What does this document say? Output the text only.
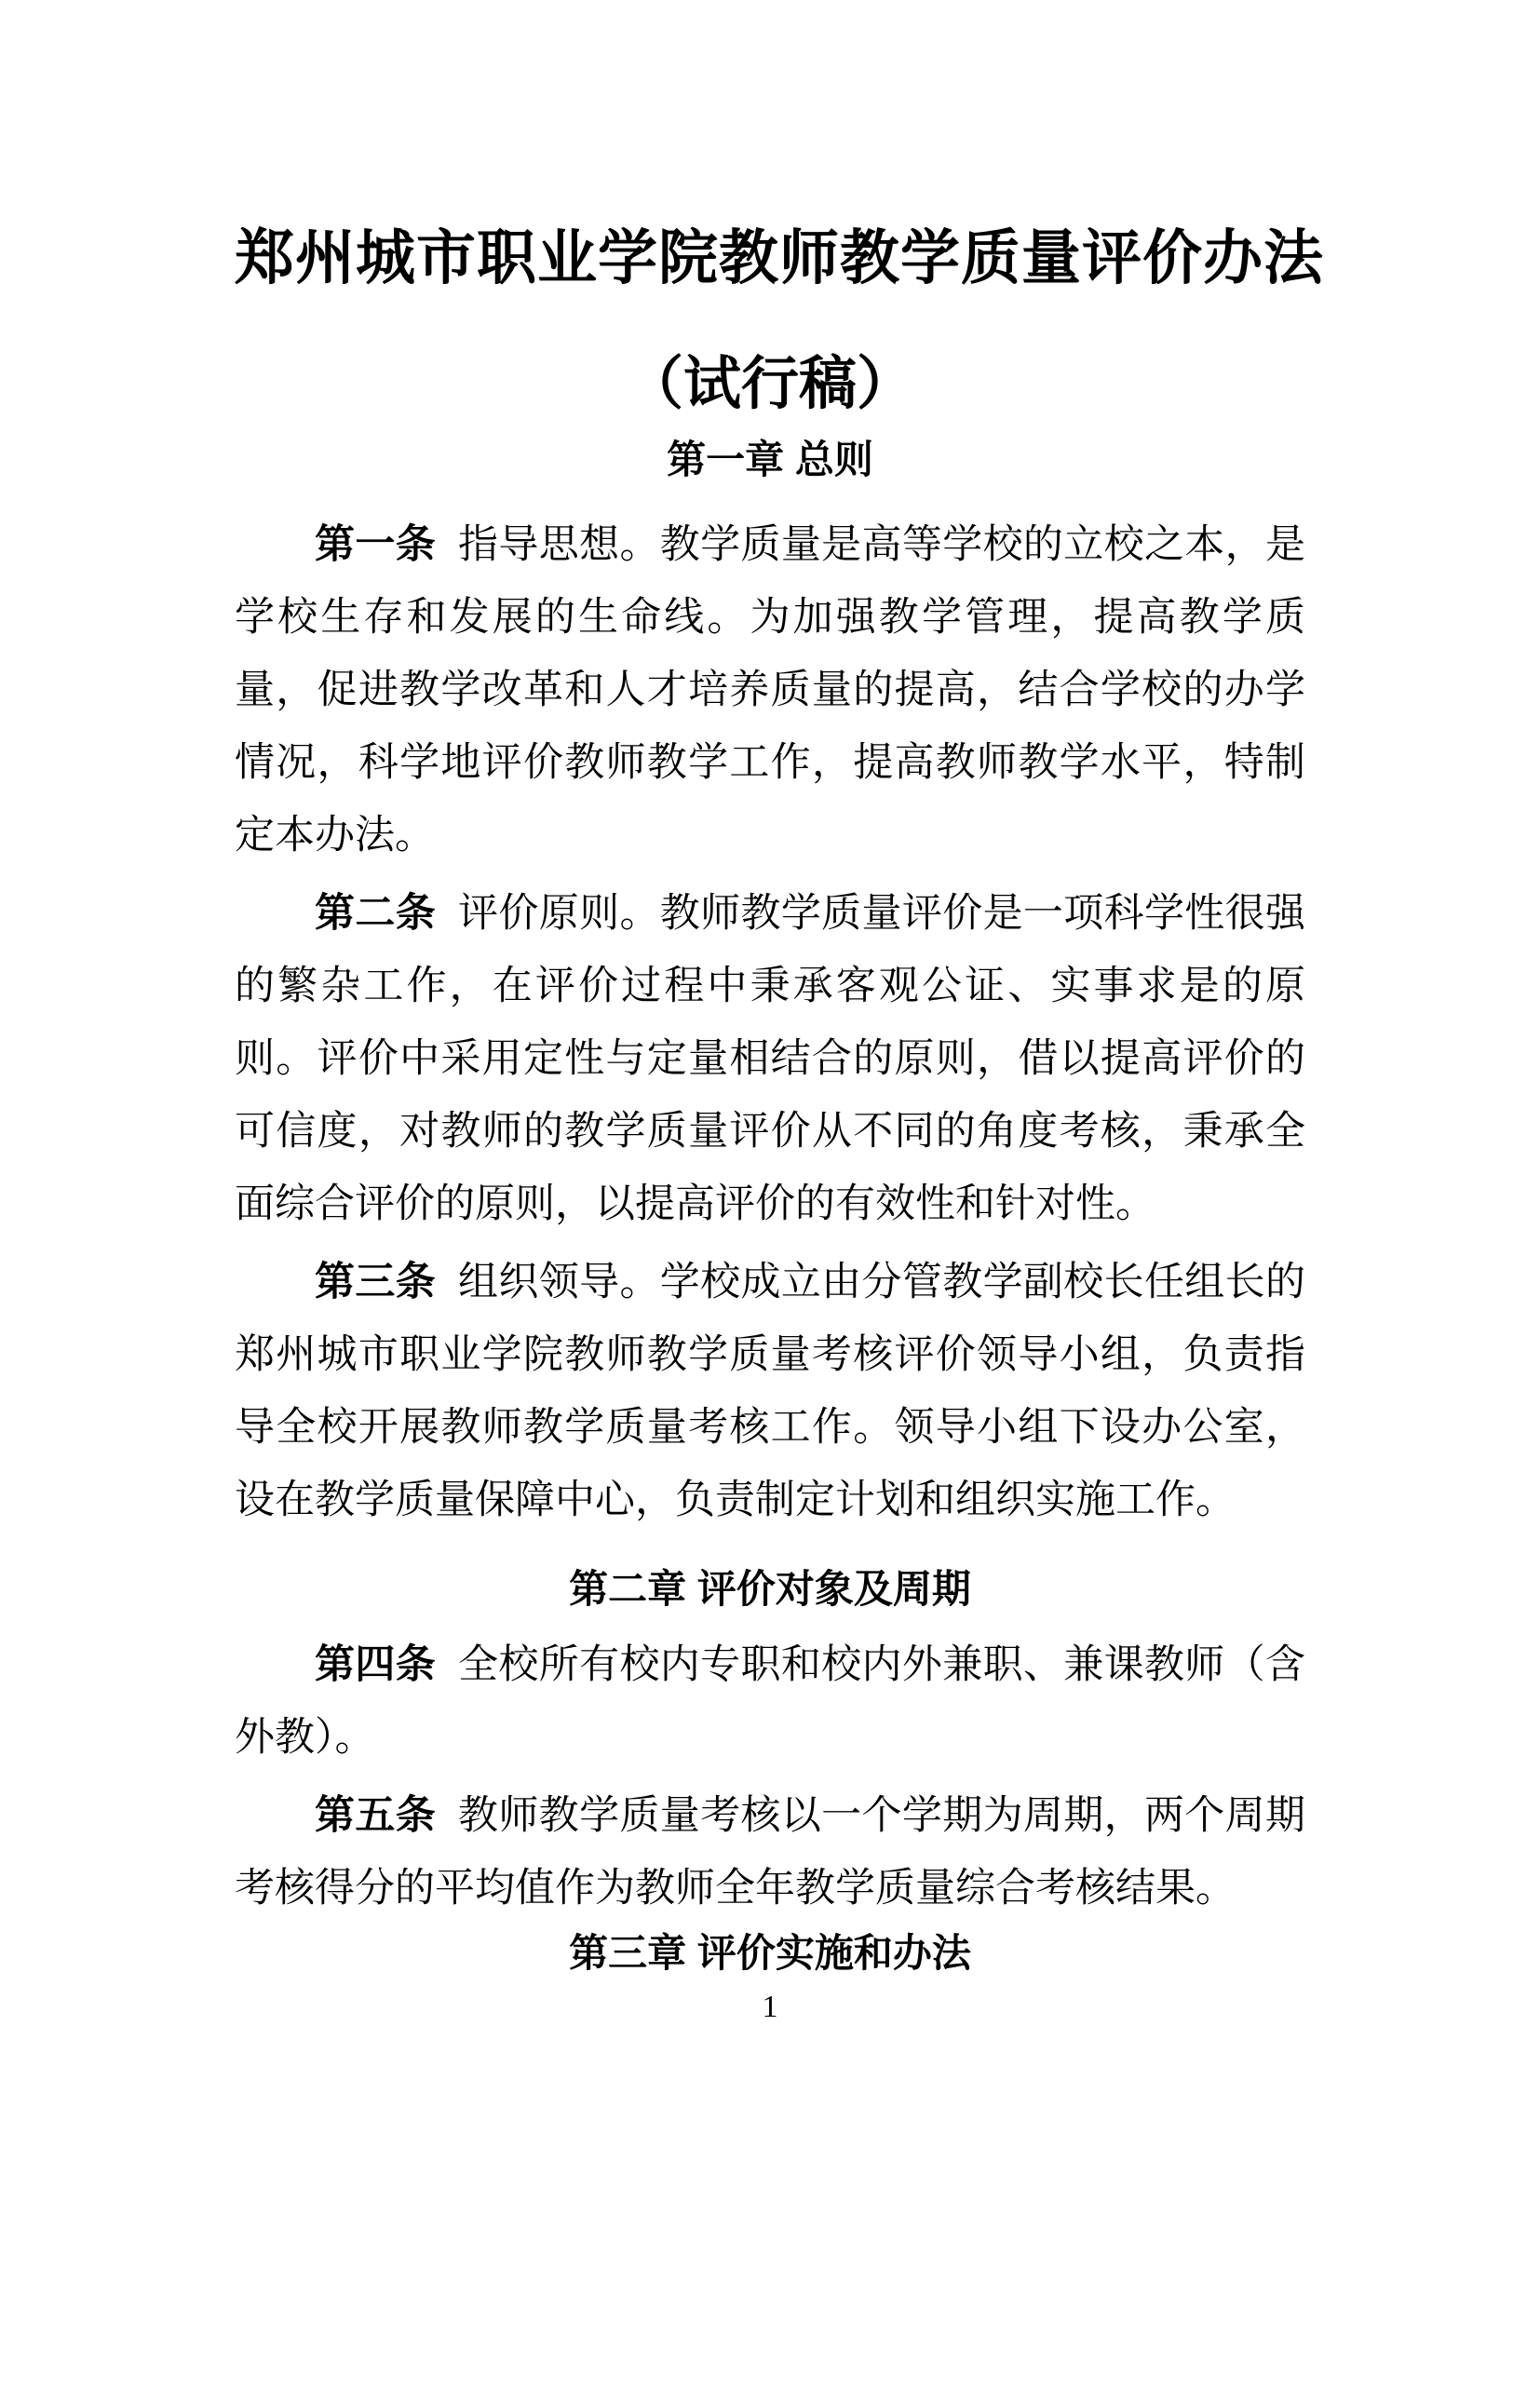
郑州城市职业学院教师教学质量评价办法
（试行稿）
第一章 总则

第一条 指导思想。教学质量是高等学校的立校之本，是学校生存和发展的生命线。为加强教学管理，提高教学质量，促进教学改革和人才培养质量的提高，结合学校的办学情况，科学地评价教师教学工作，提高教师教学水平，特制定本办法。

第二条 评价原则。教师教学质量评价是一项科学性很强的繁杂工作，在评价过程中秉承客观公证、实事求是的原则。评价中采用定性与定量相结合的原则，借以提高评价的可信度，对教师的教学质量评价从不同的角度考核，秉承全面综合评价的原则，以提高评价的有效性和针对性。

第三条 组织领导。学校成立由分管教学副校长任组长的郑州城市职业学院教师教学质量考核评价领导小组，负责指导全校开展教师教学质量考核工作。领导小组下设办公室，设在教学质量保障中心，负责制定计划和组织实施工作。

第二章 评价对象及周期

第四条 全校所有校内专职和校内外兼职、兼课教师（含外教）。

第五条 教师教学质量考核以一个学期为周期，两个周期考核得分的平均值作为教师全年教学质量综合考核结果。

第三章 评价实施和办法
1
